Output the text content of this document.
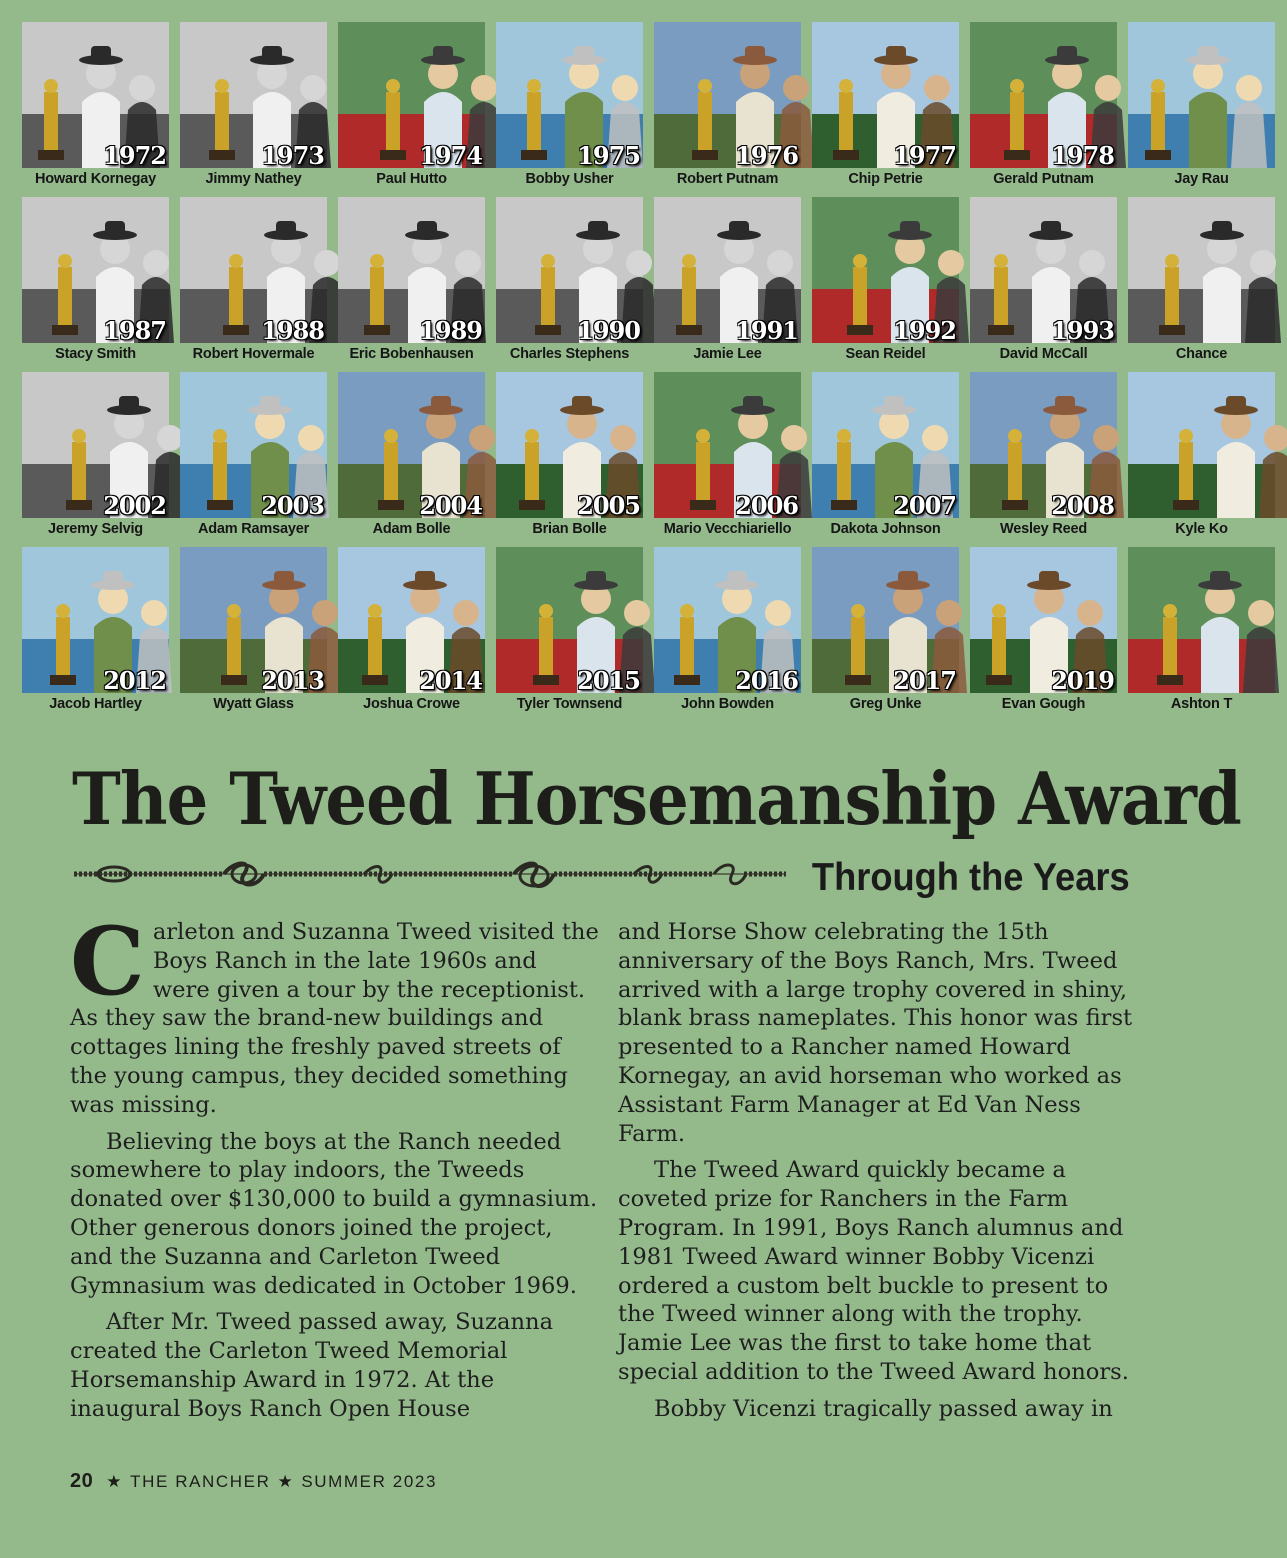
1972
Howard Kornegay
1973
Jimmy Nathey
1974
Paul Hutto
1975
Bobby Usher
1976
Robert Putnam
1977
Chip Petrie
1978
Gerald Putnam	Jay Rau
1987
Stacy Smith
1988
Robert Hovermale
1989
Eric Bobenhausen
1990
Charles Stephens
1991
Jamie Lee
1992
Sean Reidel
1993
David McCall	Chance
2002
Jeremy Selvig
2003
Adam Ramsayer
2004
Adam Bolle
2005
Brian Bolle
2006
Mario Vecchiariello
2007
Dakota Johnson
2008
Wesley Reed	Kyle Ko
2012
Jacob Hartley
2013
Wyatt Glass
2014
Joshua Crowe
2015
Tyler Townsend
2016
John Bowden
2017
Greg Unke
2019
Evan Gough	Ashton T
The Tweed Horsemanship Award
Through the Years

Carleton and Suzanna Tweed visited the Boys Ranch in the late 1960s and were given a tour by the receptionist. As they saw the brand-new buildings and cottages lining the freshly paved streets of the young campus, they decided something was missing.

Believing the boys at the Ranch needed somewhere to play indoors, the Tweeds donated over $130,000 to build a gymnasium. Other generous donors joined the project, and the Suzanna and Carleton Tweed Gymnasium was dedicated in October 1969.

After Mr. Tweed passed away, Suzanna created the Carleton Tweed Memorial Horsemanship Award in 1972. At the inaugural Boys Ranch Open House

and Horse Show celebrating the 15th anniversary of the Boys Ranch, Mrs. Tweed arrived with a large trophy covered in shiny, blank brass nameplates. This honor was first presented to a Rancher named Howard Kornegay, an avid horseman who worked as Assistant Farm Manager at Ed Van Ness Farm.

The Tweed Award quickly became a coveted prize for Ranchers in the Farm Program. In 1991, Boys Ranch alumnus and 1981 Tweed Award winner Bobby Vicenzi ordered a custom belt buckle to present to the Tweed winner along with the trophy. Jamie Lee was the first to take home that special addition to the Tweed Award honors.

Bobby Vicenzi tragically passed away in

20 ★ THE RANCHER ★ SUMMER 2023
